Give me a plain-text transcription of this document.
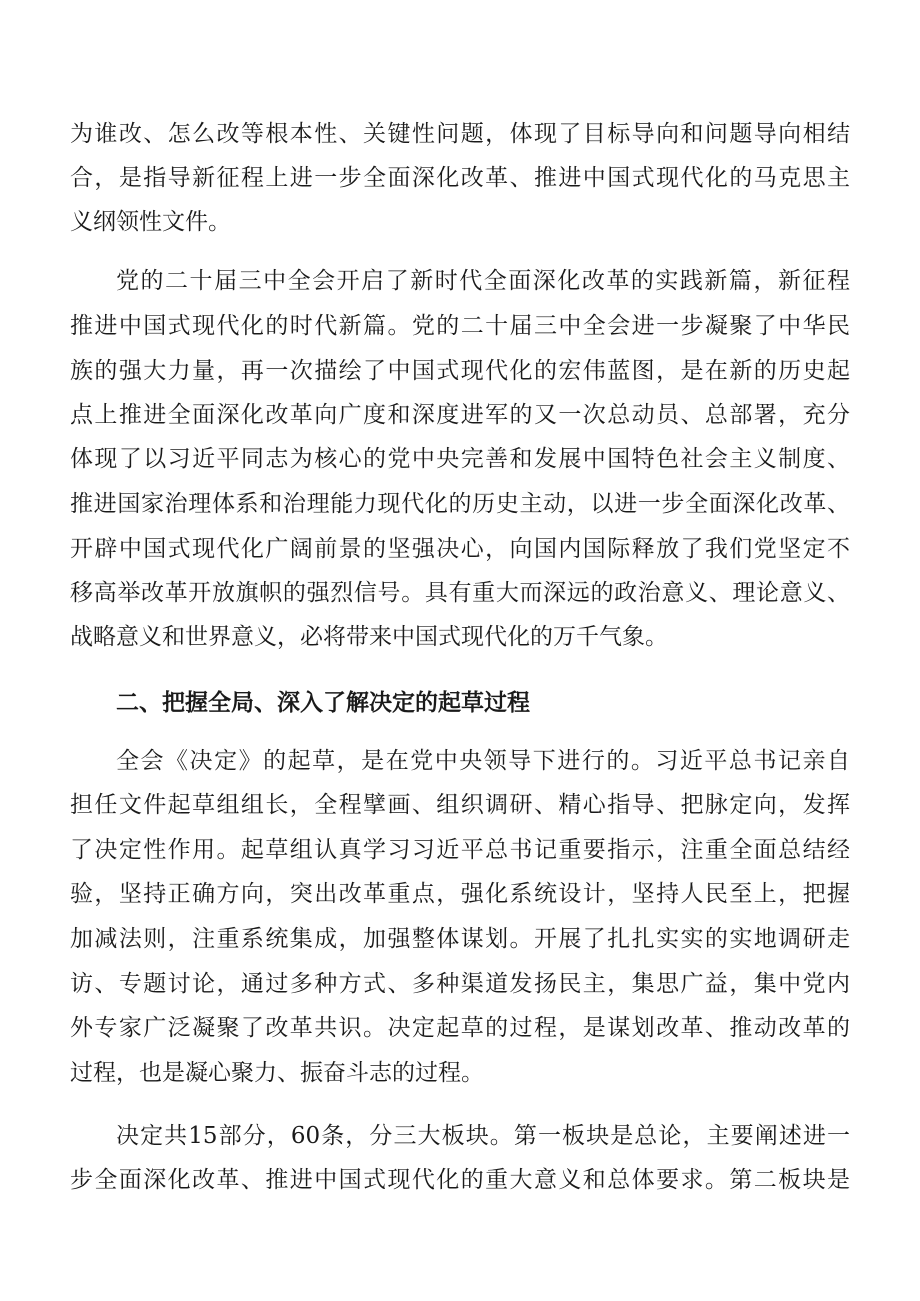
为谁改、怎么改等根本性、关键性问题，体现了目标导向和问题导向相结
合，是指导新征程上进一步全面深化改革、推进中国式现代化的马克思主
义纲领性文件。
党的二十届三中全会开启了新时代全面深化改革的实践新篇，新征程
推进中国式现代化的时代新篇。党的二十届三中全会进一步凝聚了中华民
族的强大力量，再一次描绘了中国式现代化的宏伟蓝图，是在新的历史起
点上推进全面深化改革向广度和深度进军的又一次总动员、总部署，充分
体现了以习近平同志为核心的党中央完善和发展中国特色社会主义制度、
推进国家治理体系和治理能力现代化的历史主动，以进一步全面深化改革、
开辟中国式现代化广阔前景的坚强决心，向国内国际释放了我们党坚定不
移高举改革开放旗帜的强烈信号。具有重大而深远的政治意义、理论意义、
战略意义和世界意义，必将带来中国式现代化的万千气象。
二、把握全局、深入了解决定的起草过程
全会《决定》的起草，是在党中央领导下进行的。习近平总书记亲自
担任文件起草组组长，全程擘画、组织调研、精心指导、把脉定向，发挥
了决定性作用。起草组认真学习习近平总书记重要指示，注重全面总结经
验，坚持正确方向，突出改革重点，强化系统设计，坚持人民至上，把握
加减法则，注重系统集成，加强整体谋划。开展了扎扎实实的实地调研走
访、专题讨论，通过多种方式、多种渠道发扬民主，集思广益，集中党内
外专家广泛凝聚了改革共识。决定起草的过程，是谋划改革、推动改革的
过程，也是凝心聚力、振奋斗志的过程。
决定共15部分，60条，分三大板块。第一板块是总论，主要阐述进一
步全面深化改革、推进中国式现代化的重大意义和总体要求。第二板块是
